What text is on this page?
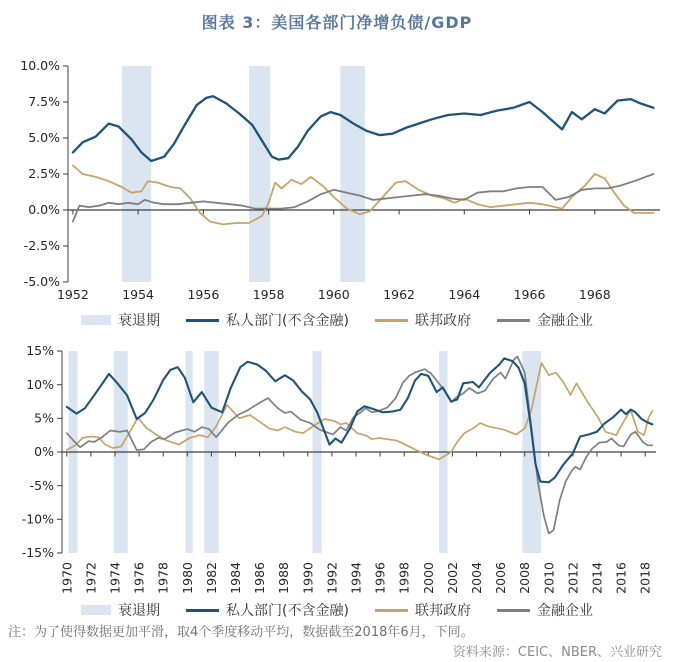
图表 3：美国各部门净增负债/GDP
10.0%
7.5%
5.0%
2.5%
0.0%
-2.5%
-5.0%
1952	1954	1956	1958	1960	1962	1964	1966	1968
衰退期	私人部门(不含金融)	联邦政府	金融企业
15%
10%
5%
0%
-5%
-10%
-15%
1970 1972 1974 1976 1978 1980 1982 1984 1986 1988 1990 1992 1994 1996 1998 2000 2002 2004 2006 2008 2010 2012 2014 2016 2018
衰退期	私人部门(不含金融)	联邦政府	金融企业
注：为了使得数据更加平滑，取4个季度移动平均，数据截至2018年6月，下同。
资料来源：CEIC、NBER、兴业研究
